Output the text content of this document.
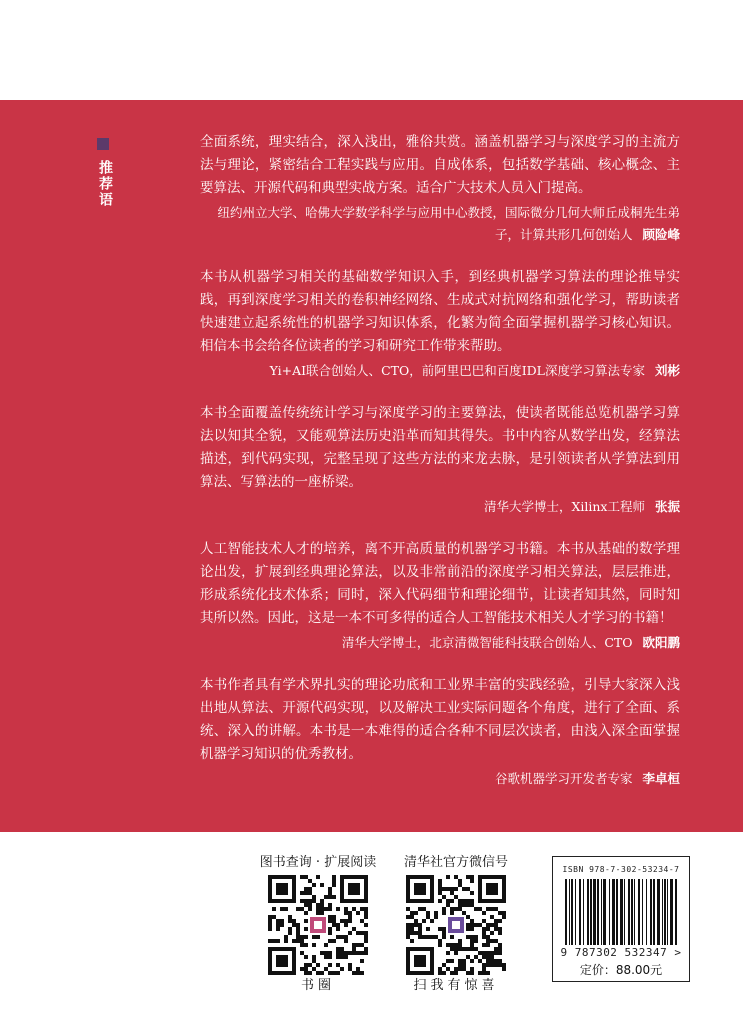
推荐语

全面系统，理实结合，深入浅出，雅俗共赏。涵盖机器学习与深度学习的主流方法与理论，紧密结合工程实践与应用。自成体系，包括数学基础、核心概念、主要算法、开源代码和典型实战方案。适合广大技术人员入门提高。

纽约州立大学、哈佛大学数学科学与应用中心教授，国际微分几何大师丘成桐先生弟子，计算共形几何创始人 顾险峰

本书从机器学习相关的基础数学知识入手，到经典机器学习算法的理论推导实践，再到深度学习相关的卷积神经网络、生成式对抗网络和强化学习，帮助读者快速建立起系统性的机器学习知识体系，化繁为简全面掌握机器学习核心知识。相信本书会给各位读者的学习和研究工作带来帮助。

Yi+AI联合创始人、CTO，前阿里巴巴和百度IDL深度学习算法专家 刘彬

本书全面覆盖传统统计学习与深度学习的主要算法，使读者既能总览机器学习算法以知其全貌，又能观算法历史沿革而知其得失。书中内容从数学出发，经算法描述，到代码实现，完整呈现了这些方法的来龙去脉，是引领读者从学算法到用算法、写算法的一座桥梁。

清华大学博士，Xilinx工程师 张振

人工智能技术人才的培养，离不开高质量的机器学习书籍。本书从基础的数学理论出发，扩展到经典理论算法，以及非常前沿的深度学习相关算法，层层推进，形成系统化技术体系；同时，深入代码细节和理论细节，让读者知其然，同时知其所以然。因此，这是一本不可多得的适合人工智能技术相关人才学习的书籍！

清华大学博士，北京清微智能科技联合创始人、CTO 欧阳鹏

本书作者具有学术界扎实的理论功底和工业界丰富的实践经验，引导大家深入浅出地从算法、开源代码实现，以及解决工业实际问题各个角度，进行了全面、系统、深入的讲解。本书是一本难得的适合各种不同层次读者，由浅入深全面掌握机器学习知识的优秀教材。

谷歌机器学习开发者专家 李卓桓

图书查询 · 扩展阅读
书圈
清华社官方微信号
扫我有惊喜
ISBN 978-7-302-53234-7
9 787302 532347 >
定价：88.00元
